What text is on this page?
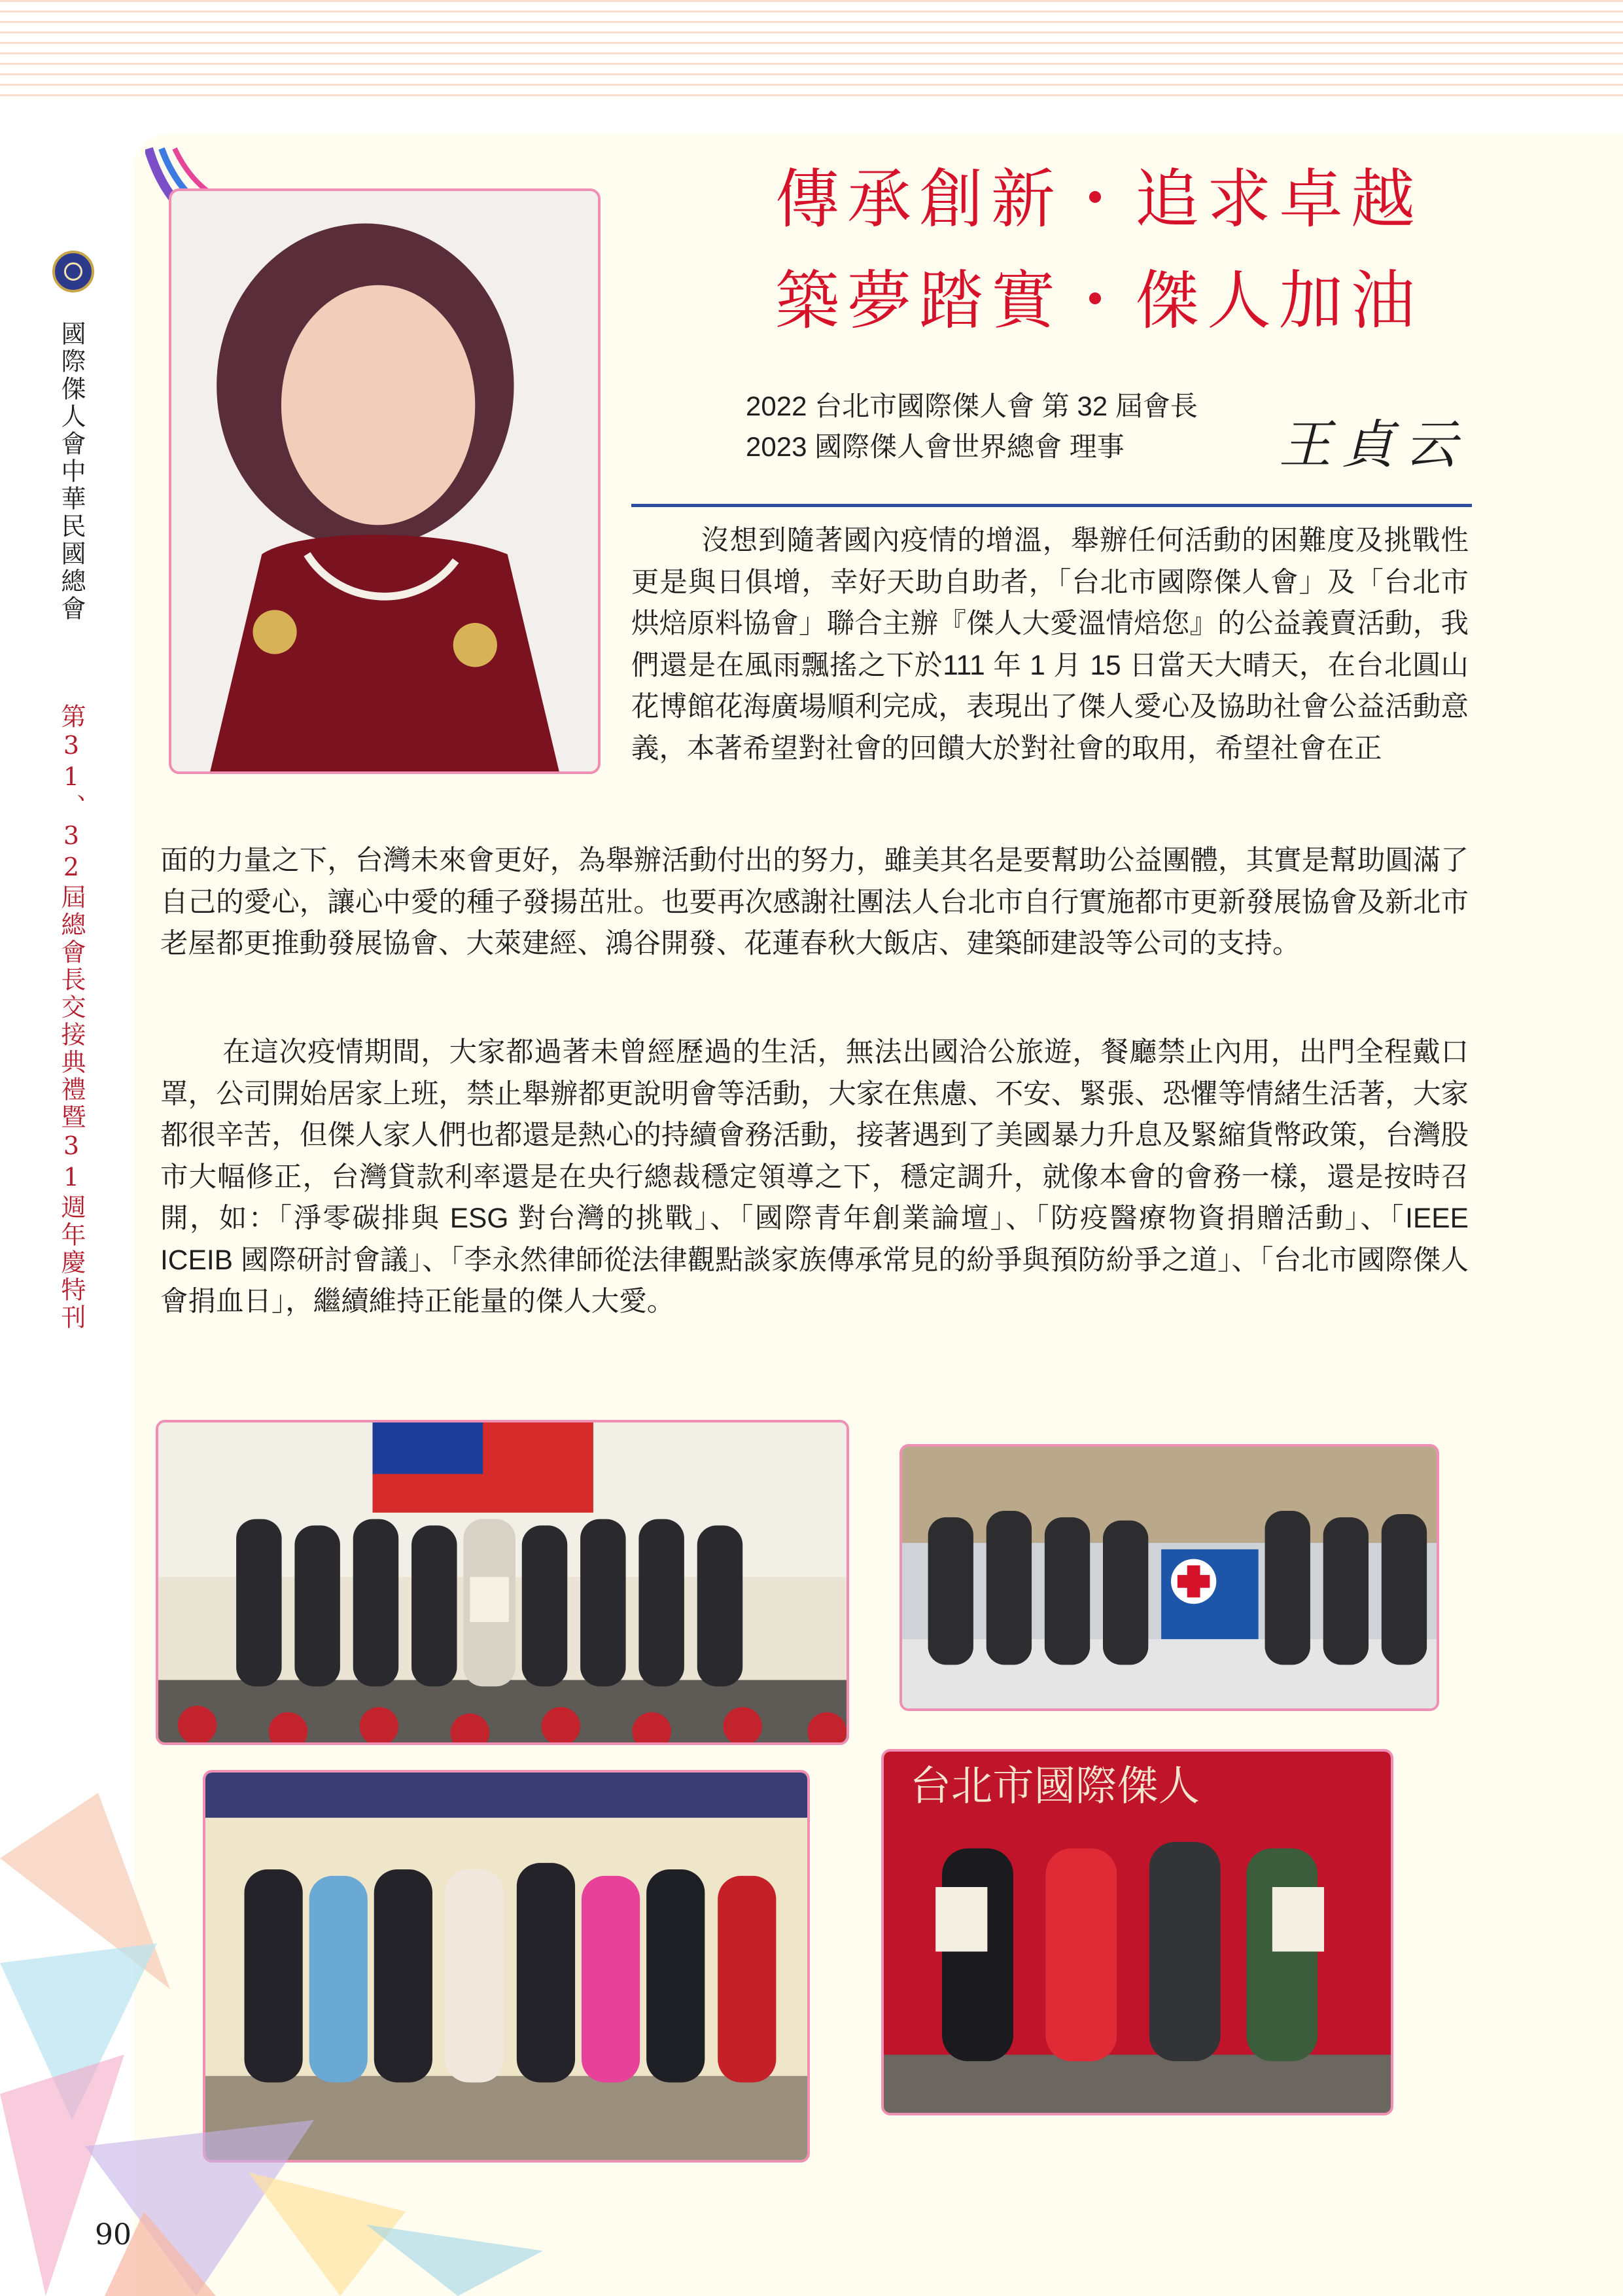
國際傑人會中華民國總會
第31、32屆總會長交接典禮暨31週年慶特刊
傳承創新・追求卓越
築夢踏實・傑人加油
2022 台北市國際傑人會 第 32 屆會長
2023 國際傑人會世界總會 理事	王貞云

沒想到隨著國內疫情的增溫，舉辦任何活動的困難度及挑戰性更是與日俱增，幸好天助自助者，「台北市國際傑人會」及「台北市烘焙原料協會」聯合主辦『傑人大愛溫情焙您』的公益義賣活動，我們還是在風雨飄搖之下於111 年 1 月 15 日當天大晴天，在台北圓山花博館花海廣場順利完成，表現出了傑人愛心及協助社會公益活動意義，本著希望對社會的回饋大於對社會的取用，希望社會在正

面的力量之下，台灣未來會更好，為舉辦活動付出的努力，雖美其名是要幫助公益團體，其實是幫助圓滿了自己的愛心，讓心中愛的種子發揚茁壯。也要再次感謝社團法人台北市自行實施都市更新發展協會及新北市老屋都更推動發展協會、大萊建經、鴻谷開發、花蓮春秋大飯店、建築師建設等公司的支持。

在這次疫情期間，大家都過著未曾經歷過的生活，無法出國洽公旅遊，餐廳禁止內用，出門全程戴口罩，公司開始居家上班，禁止舉辦都更說明會等活動，大家在焦慮、不安、緊張、恐懼等情緒生活著，大家都很辛苦，但傑人家人們也都還是熱心的持續會務活動，接著遇到了美國暴力升息及緊縮貨幣政策，台灣股市大幅修正，台灣貸款利率還是在央行總裁穩定領導之下，穩定調升，就像本會的會務一樣，還是按時召開，如：「淨零碳排與 ESG 對台灣的挑戰」、「國際青年創業論壇」、「防疫醫療物資捐贈活動」、「IEEE ICEIB 國際研討會議」、「李永然律師從法律觀點談家族傳承常見的紛爭與預防紛爭之道」、「台北市國際傑人會捐血日」，繼續維持正能量的傑人大愛。

台北市國際傑人
90
